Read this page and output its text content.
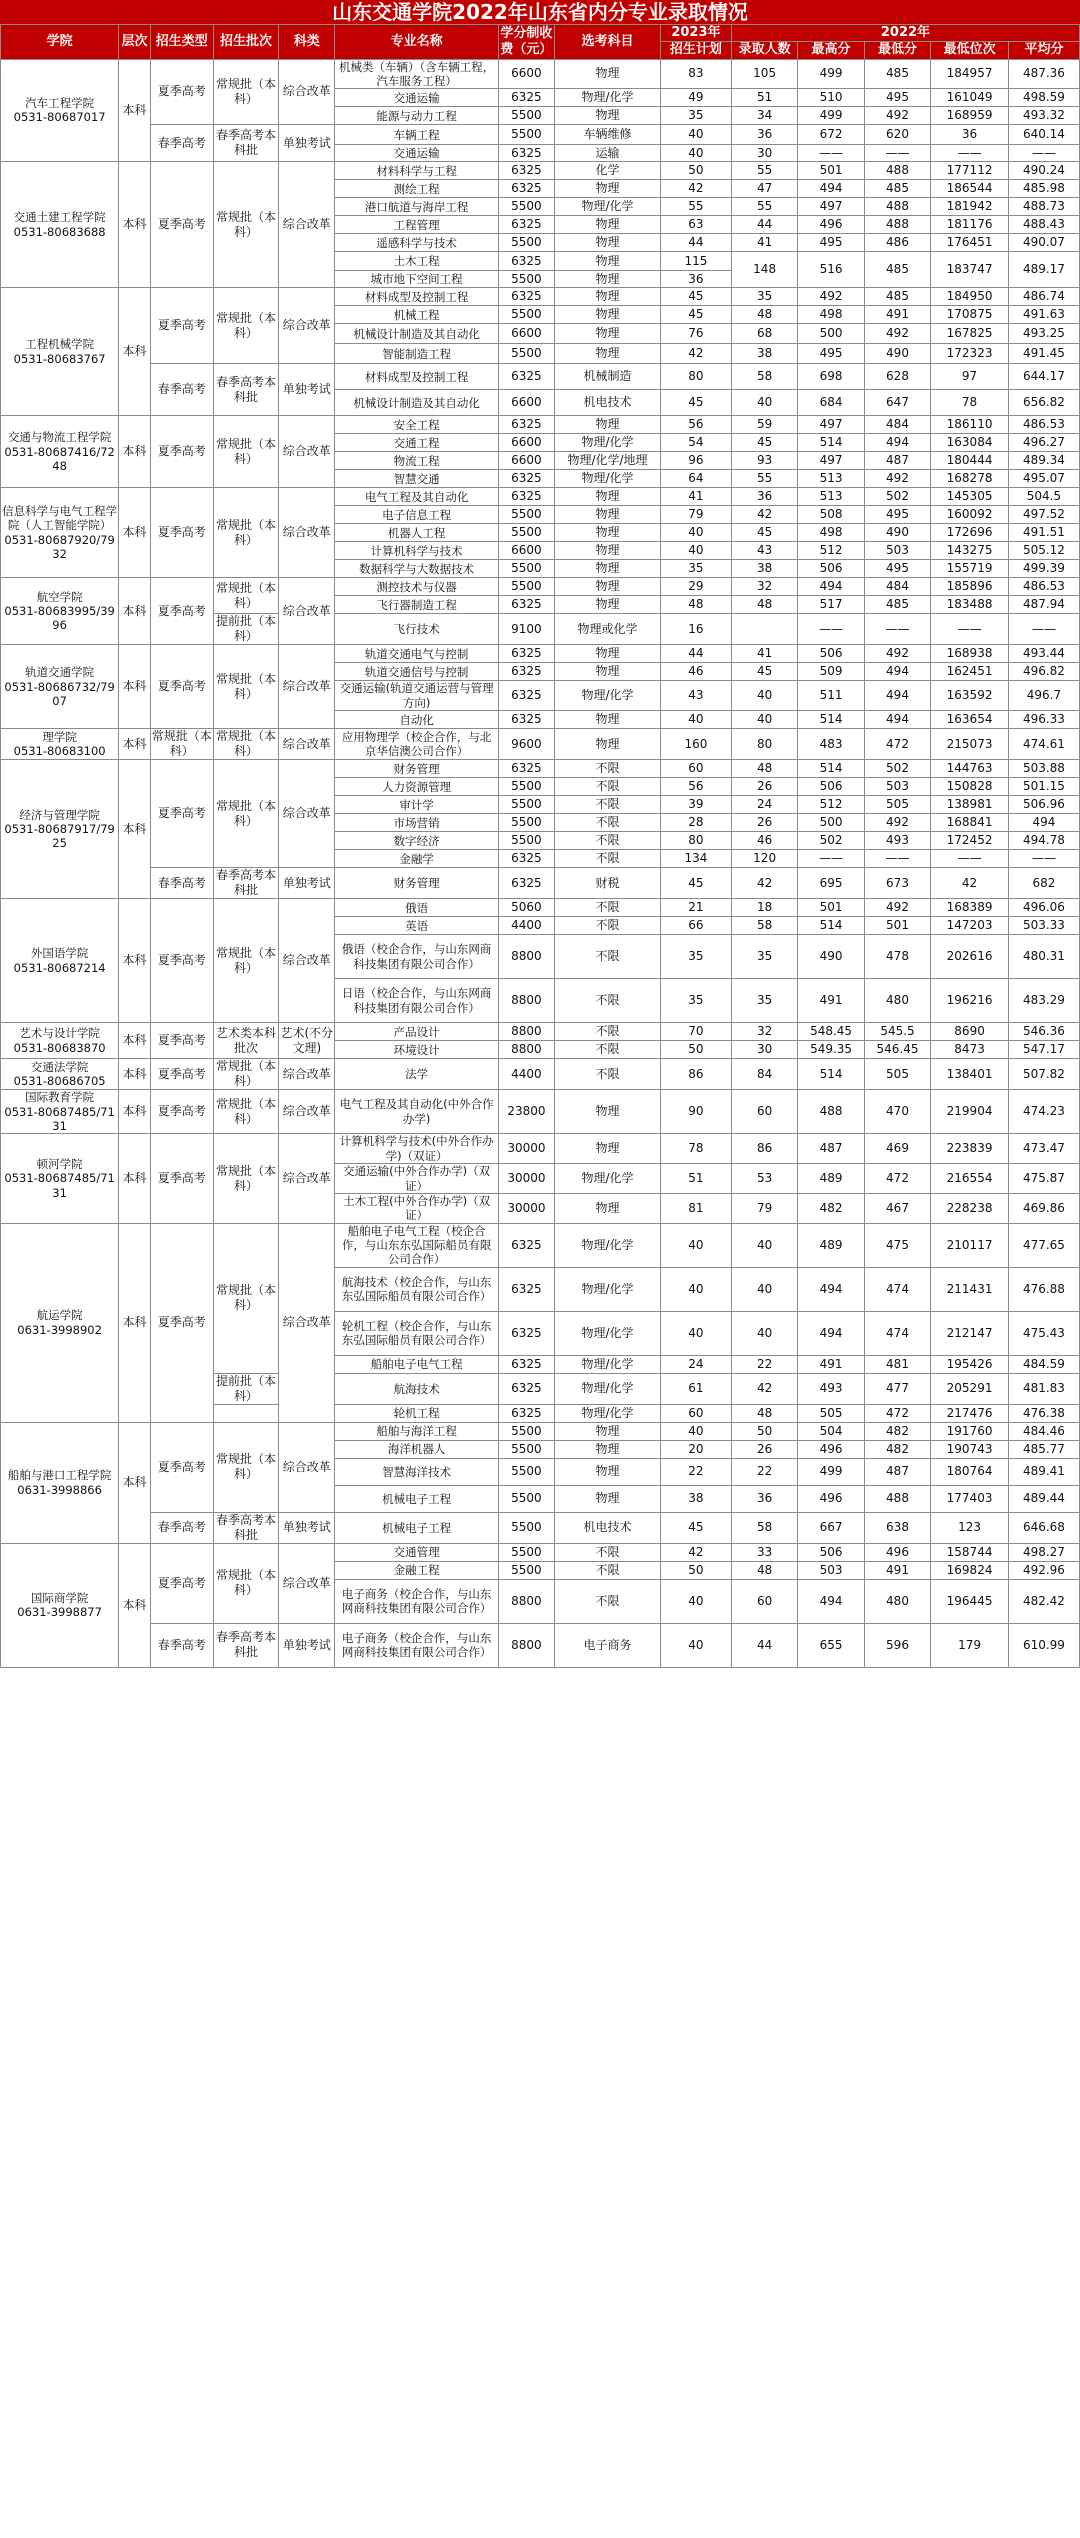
山东交通学院2022年山东省内分专业录取情况
学院	层次	招生类型	招生批次	科类	专业名称	学分制收费（元）	选考科目	2023年	2022年				
								招生计划	录取人数	最高分	最低分	最低位次	平均分
汽车工程学院
0531-80687017	本科	夏季高考	常规批（本科）	综合改革	机械类（车辆）（含车辆工程，汽车服务工程）	6600	物理	83	105	499	485	184957	487.36
					交通运输	6325	物理/化学	49	51	510	495	161049	498.59
					能源与动力工程	5500	物理	35	34	499	492	168959	493.32
		春季高考	春季高考本科批	单独考试	车辆工程	5500	车辆维修	40	36	672	620	36	640.14
					交通运输	6325	运输	40	30	——	——	——	——
交通土建工程学院
0531-80683688	本科	夏季高考	常规批（本科）	综合改革	材料科学与工程	6325	化学	50	55	501	488	177112	490.24
					测绘工程	6325	物理	42	47	494	485	186544	485.98
					港口航道与海岸工程	5500	物理/化学	55	55	497	488	181942	488.73
					工程管理	6325	物理	63	44	496	488	181176	488.43
					遥感科学与技术	5500	物理	44	41	495	486	176451	490.07
					土木工程	6325	物理	115	148	516	485	183747	489.17
					城市地下空间工程	5500	物理	36					
工程机械学院
0531-80683767	本科	夏季高考	常规批（本科）	综合改革	材料成型及控制工程	6325	物理	45	35	492	485	184950	486.74
					机械工程	5500	物理	45	48	498	491	170875	491.63
					机械设计制造及其自动化	6600	物理	76	68	500	492	167825	493.25
					智能制造工程	5500	物理	42	38	495	490	172323	491.45
		春季高考	春季高考本科批	单独考试	材料成型及控制工程	6325	机械制造	80	58	698	628	97	644.17
					机械设计制造及其自动化	6600	机电技术	45	40	684	647	78	656.82
交通与物流工程学院
0531-80687416/7248	本科	夏季高考	常规批（本科）	综合改革	安全工程	6325	物理	56	59	497	484	186110	486.53
					交通工程	6600	物理/化学	54	45	514	494	163084	496.27
					物流工程	6600	物理/化学/地理	96	93	497	487	180444	489.34
					智慧交通	6325	物理/化学	64	55	513	492	168278	495.07
信息科学与电气工程学院（人工智能学院）
0531-80687920/7932	本科	夏季高考	常规批（本科）	综合改革	电气工程及其自动化	6325	物理	41	36	513	502	145305	504.5
					电子信息工程	5500	物理	79	42	508	495	160092	497.52
					机器人工程	5500	物理	40	45	498	490	172696	491.51
					计算机科学与技术	6600	物理	40	43	512	503	143275	505.12
					数据科学与大数据技术	5500	物理	35	38	506	495	155719	499.39
航空学院
0531-80683995/3996	本科	夏季高考	常规批（本科）	综合改革	测控技术与仪器	5500	物理	29	32	494	484	185896	486.53
					飞行器制造工程	6325	物理	48	48	517	485	183488	487.94
			提前批（本科）		飞行技术	9100	物理或化学	16		——	——	——	——
轨道交通学院
0531-80686732/7907	本科	夏季高考	常规批（本科）	综合改革	轨道交通电气与控制	6325	物理	44	41	506	492	168938	493.44
					轨道交通信号与控制	6325	物理	46	45	509	494	162451	496.82
					交通运输(轨道交通运营与管理方向)	6325	物理/化学	43	40	511	494	163592	496.7
					自动化	6325	物理	40	40	514	494	163654	496.33
理学院
0531-80683100	本科	常规批（本科）	常规批（本科）	综合改革	应用物理学（校企合作，与北京华信澳公司合作）	9600	物理	160	80	483	472	215073	474.61
经济与管理学院
0531-80687917/7925	本科	夏季高考	常规批（本科）	综合改革	财务管理	6325	不限	60	48	514	502	144763	503.88
					人力资源管理	5500	不限	56	26	506	503	150828	501.15
					审计学	5500	不限	39	24	512	505	138981	506.96
					市场营销	5500	不限	28	26	500	492	168841	494
					数字经济	5500	不限	80	46	502	493	172452	494.78
					金融学	6325	不限	134	120	——	——	——	——
		春季高考	春季高考本科批	单独考试	财务管理	6325	财税	45	42	695	673	42	682
外国语学院
0531-80687214	本科	夏季高考	常规批（本科）	综合改革	俄语	5060	不限	21	18	501	492	168389	496.06
					英语	4400	不限	66	58	514	501	147203	503.33
					俄语（校企合作，与山东网商科技集团有限公司合作）	8800	不限	35	35	490	478	202616	480.31
					日语（校企合作，与山东网商科技集团有限公司合作）	8800	不限	35	35	491	480	196216	483.29
艺术与设计学院
0531-80683870	本科	夏季高考	艺术类本科批次	艺术(不分文理)	产品设计	8800	不限	70	32	548.45	545.5	8690	546.36
					环境设计	8800	不限	50	30	549.35	546.45	8473	547.17
交通法学院
0531-80686705	本科	夏季高考	常规批（本科）	综合改革	法学	4400	不限	86	84	514	505	138401	507.82
国际教育学院
0531-80687485/7131	本科	夏季高考	常规批（本科）	综合改革	电气工程及其自动化(中外合作办学)	23800	物理	90	60	488	470	219904	474.23
顿河学院
0531-80687485/7131	本科	夏季高考	常规批（本科）	综合改革	计算机科学与技术(中外合作办学)（双证）	30000	物理	78	86	487	469	223839	473.47
					交通运输(中外合作办学)（双证）	30000	物理/化学	51	53	489	472	216554	475.87
					土木工程(中外合作办学)（双证）	30000	物理	81	79	482	467	228238	469.86
航运学院
0631-3998902	本科	夏季高考	常规批（本科）	综合改革	船舶电子电气工程（校企合作，与山东东弘国际船员有限公司合作）	6325	物理/化学	40	40	489	475	210117	477.65
					航海技术（校企合作，与山东东弘国际船员有限公司合作）	6325	物理/化学	40	40	494	474	211431	476.88
					轮机工程（校企合作，与山东东弘国际船员有限公司合作）	6325	物理/化学	40	40	494	474	212147	475.43
					船舶电子电气工程	6325	物理/化学	24	22	491	481	195426	484.59
			提前批（本科）		航海技术	6325	物理/化学	61	42	493	477	205291	481.83
					轮机工程	6325	物理/化学	60	48	505	472	217476	476.38
船舶与港口工程学院
0631-3998866	本科	夏季高考	常规批（本科）	综合改革	船舶与海洋工程	5500	物理	40	50	504	482	191760	484.46
					海洋机器人	5500	物理	20	26	496	482	190743	485.77
					智慧海洋技术	5500	物理	22	22	499	487	180764	489.41
					机械电子工程	5500	物理	38	36	496	488	177403	489.44
		春季高考	春季高考本科批	单独考试	机械电子工程	5500	机电技术	45	58	667	638	123	646.68
国际商学院
0631-3998877	本科	夏季高考	常规批（本科）	综合改革	交通管理	5500	不限	42	33	506	496	158744	498.27
					金融工程	5500	不限	50	48	503	491	169824	492.96
					电子商务（校企合作，与山东网商科技集团有限公司合作）	8800	不限	40	60	494	480	196445	482.42
		春季高考	春季高考本科批	单独考试	电子商务（校企合作，与山东网商科技集团有限公司合作）	8800	电子商务	40	44	655	596	179	610.99
